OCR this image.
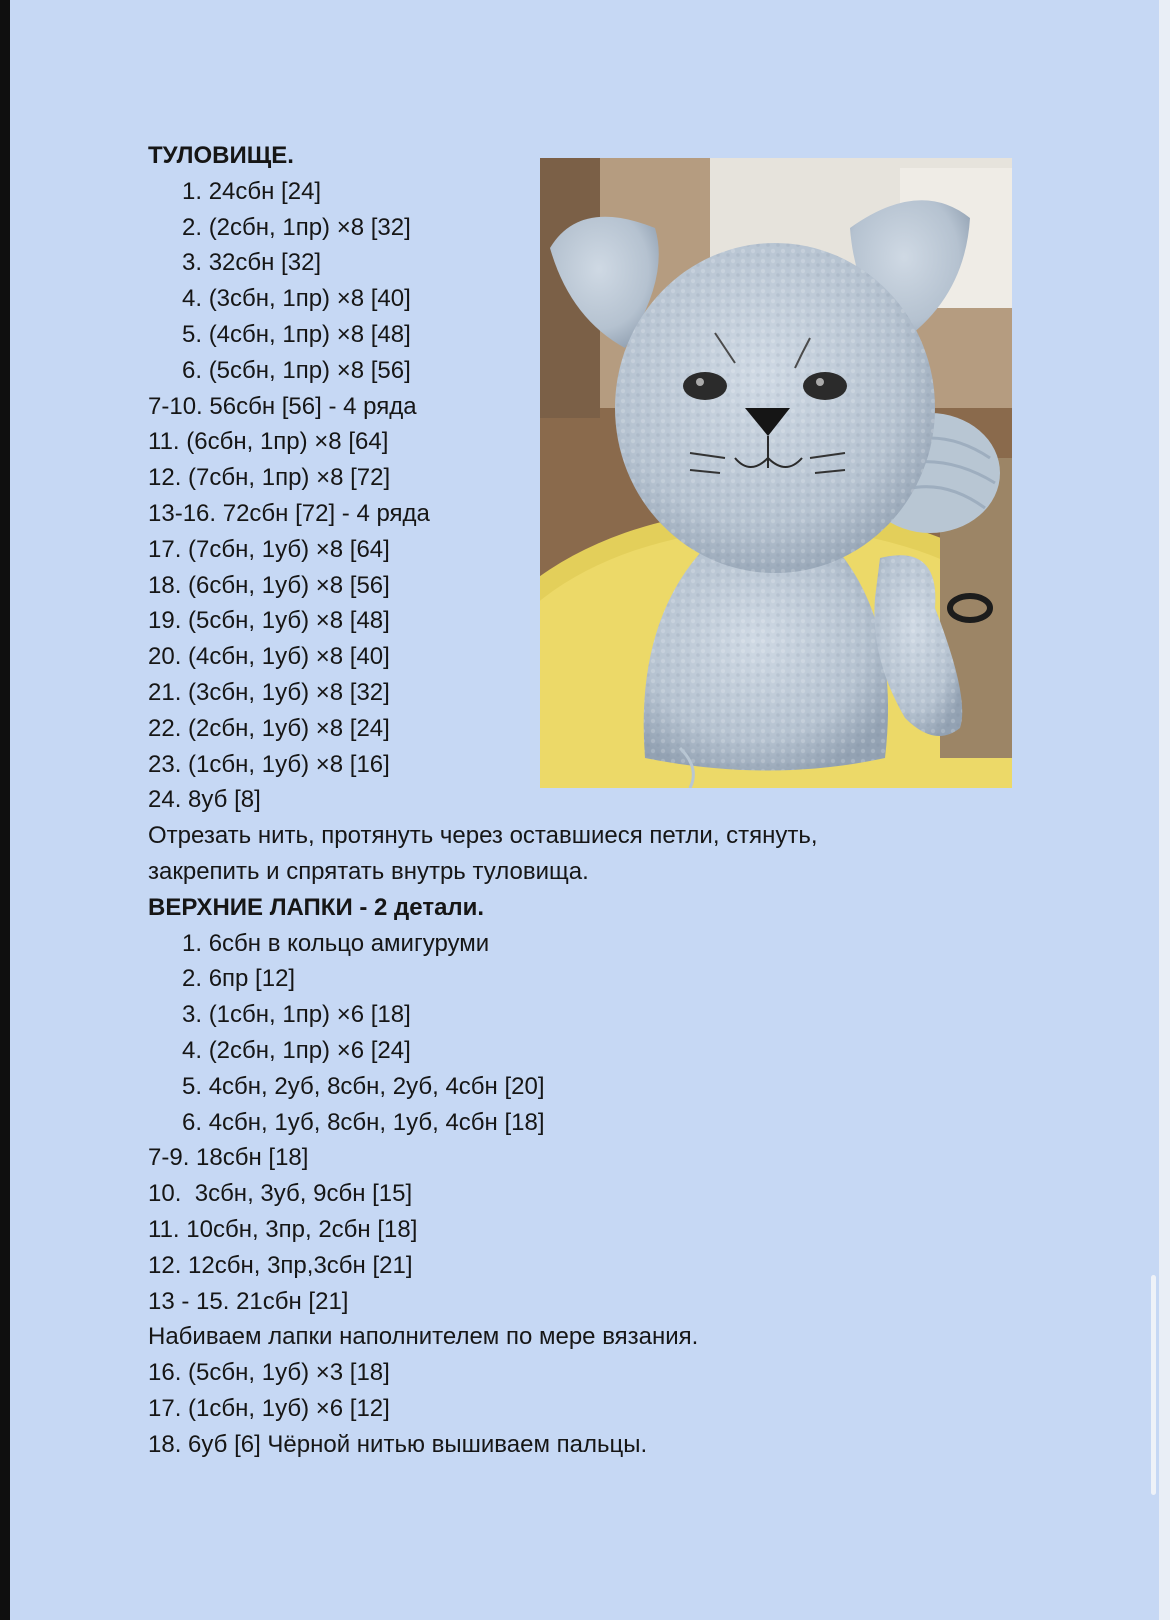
ТУЛОВИЩЕ.
1. 24сбн [24]
2. (2сбн, 1пр) ×8 [32]
3. 32сбн [32]
4. (3сбн, 1пр) ×8 [40]
5. (4сбн, 1пр) ×8 [48]
6. (5сбн, 1пр) ×8 [56]
7-10. 56сбн [56] - 4 ряда
11. (6сбн, 1пр) ×8 [64]
12. (7сбн, 1пр) ×8 [72]
13-16. 72сбн [72] - 4 ряда
17. (7сбн, 1уб) ×8 [64]
18. (6сбн, 1уб) ×8 [56]
19. (5сбн, 1уб) ×8 [48]
20. (4сбн, 1уб) ×8 [40]
21. (3сбн, 1уб) ×8 [32]
22. (2сбн, 1уб) ×8 [24]
23. (1сбн, 1уб) ×8 [16]
24. 8уб [8]
Отрезать нить, протянуть через оставшиеся петли, стянуть,
закрепить и спрятать внутрь туловища.
ВЕРХНИЕ ЛАПКИ - 2 детали.
1. 6сбн в кольцо амигуруми
2. 6пр [12]
3. (1сбн, 1пр) ×6 [18]
4. (2сбн, 1пр) ×6 [24]
5. 4сбн, 2уб, 8сбн, 2уб, 4сбн [20]
6. 4сбн, 1уб, 8сбн, 1уб, 4сбн [18]
7-9. 18сбн [18]
10.  3сбн, 3уб, 9сбн [15]
11. 10сбн, 3пр, 2сбн [18]
12. 12сбн, 3пр,3сбн [21]
13 - 15. 21сбн [21]
Набиваем лапки наполнителем по мере вязания.
16. (5сбн, 1уб) ×3 [18]
17. (1сбн, 1уб) ×6 [12]
18. 6уб [6] Чёрной нитью вышиваем пальцы.
